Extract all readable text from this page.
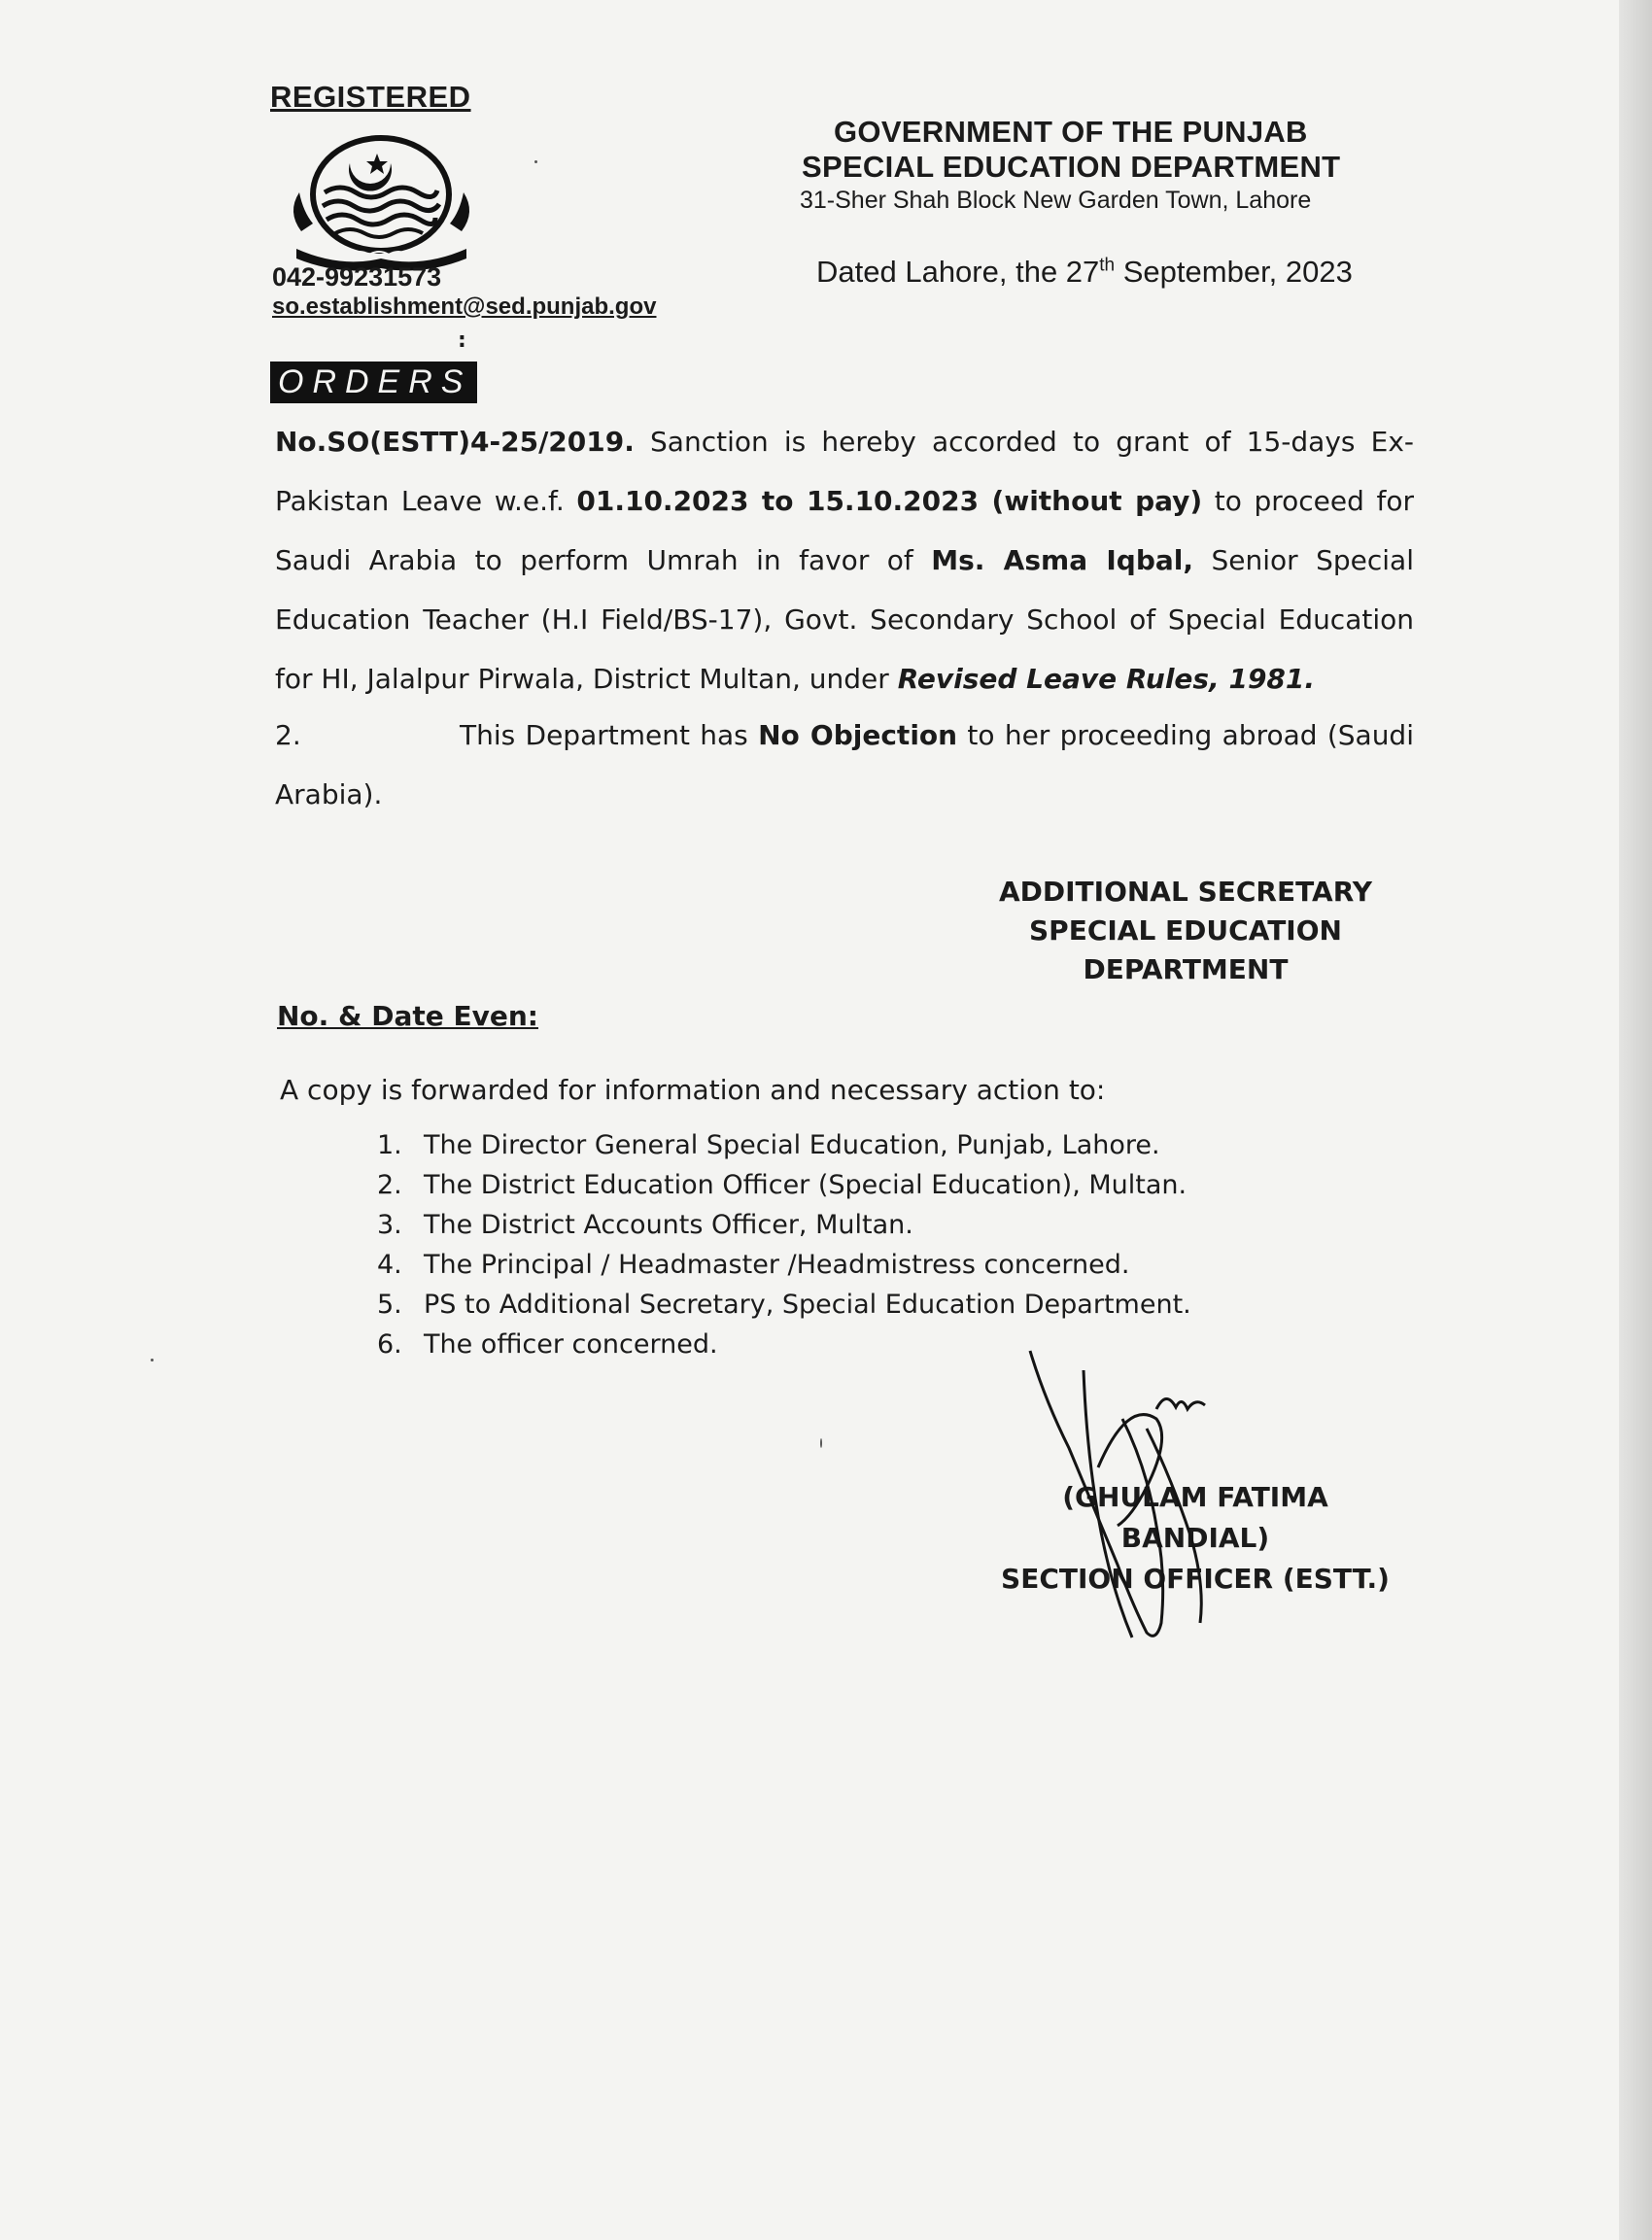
REGISTERED
042-99231573
so.establishment@sed.punjab.gov
:
GOVERNMENT OF THE PUNJAB
SPECIAL EDUCATION DEPARTMENT
31-Sher Shah Block New Garden Town, Lahore
Dated Lahore, the 27th September, 2023
ORDERS
No.SO(ESTT)4-25/2019. Sanction is hereby accorded to grant of 15-days Ex-Pakistan Leave w.e.f. 01.10.2023 to 15.10.2023 (without pay) to proceed for Saudi Arabia to perform Umrah in favor of Ms. Asma Iqbal, Senior Special Education Teacher (H.I Field/BS-17), Govt. Secondary School of Special Education for HI, Jalalpur Pirwala, District Multan, under Revised Leave Rules, 1981.
2.	This Department has No Objection to her proceeding abroad (Saudi Arabia).
ADDITIONAL SECRETARY
SPECIAL EDUCATION
DEPARTMENT
No. & Date Even:
A copy is forwarded for information and necessary action to:
1. The Director General Special Education, Punjab, Lahore.
2. The District Education Officer (Special Education), Multan.
3. The District Accounts Officer, Multan.
4. The Principal / Headmaster /Headmistress concerned.
5. PS to Additional Secretary, Special Education Department.
6. The officer concerned.
(GHULAM FATIMA BANDIAL)
SECTION OFFICER (ESTT.)
